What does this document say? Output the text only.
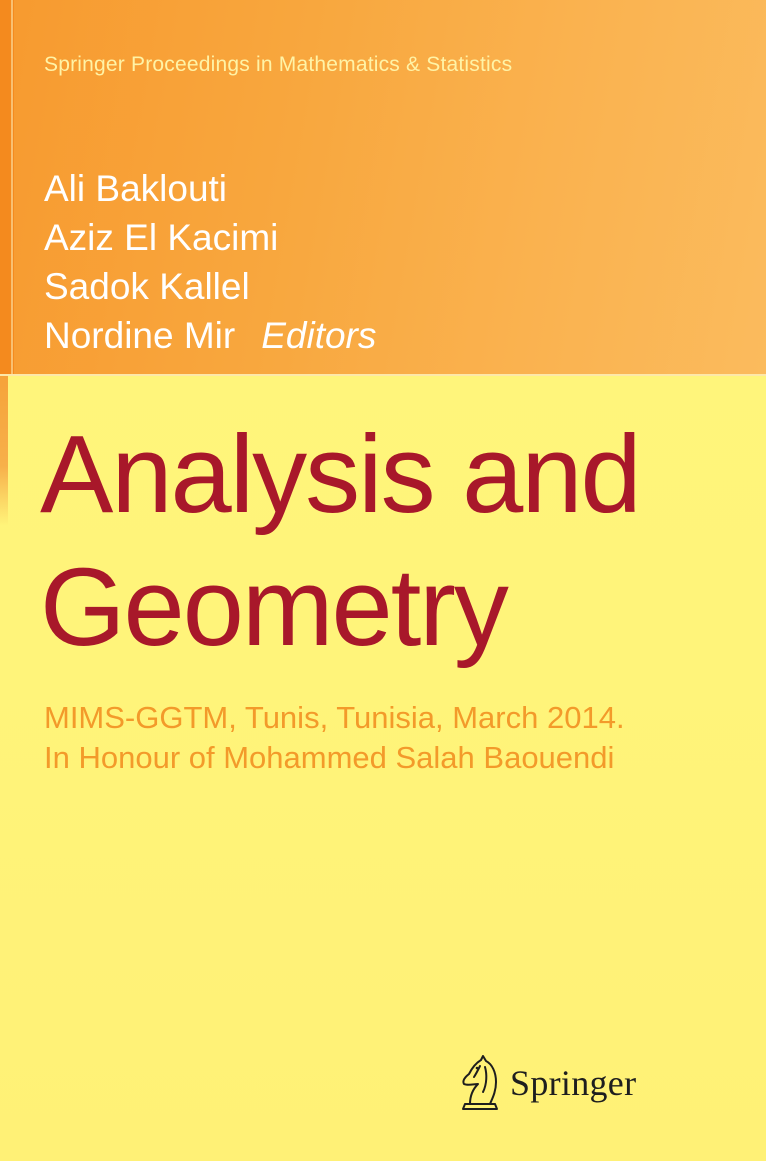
Springer Proceedings in Mathematics & Statistics
Ali Baklouti
Aziz El Kacimi
Sadok Kallel
Nordine Mir Editors
Analysis and
Geometry
MIMS-GGTM, Tunis, Tunisia, March 2014.
In Honour of Mohammed Salah Baouendi
Springer
